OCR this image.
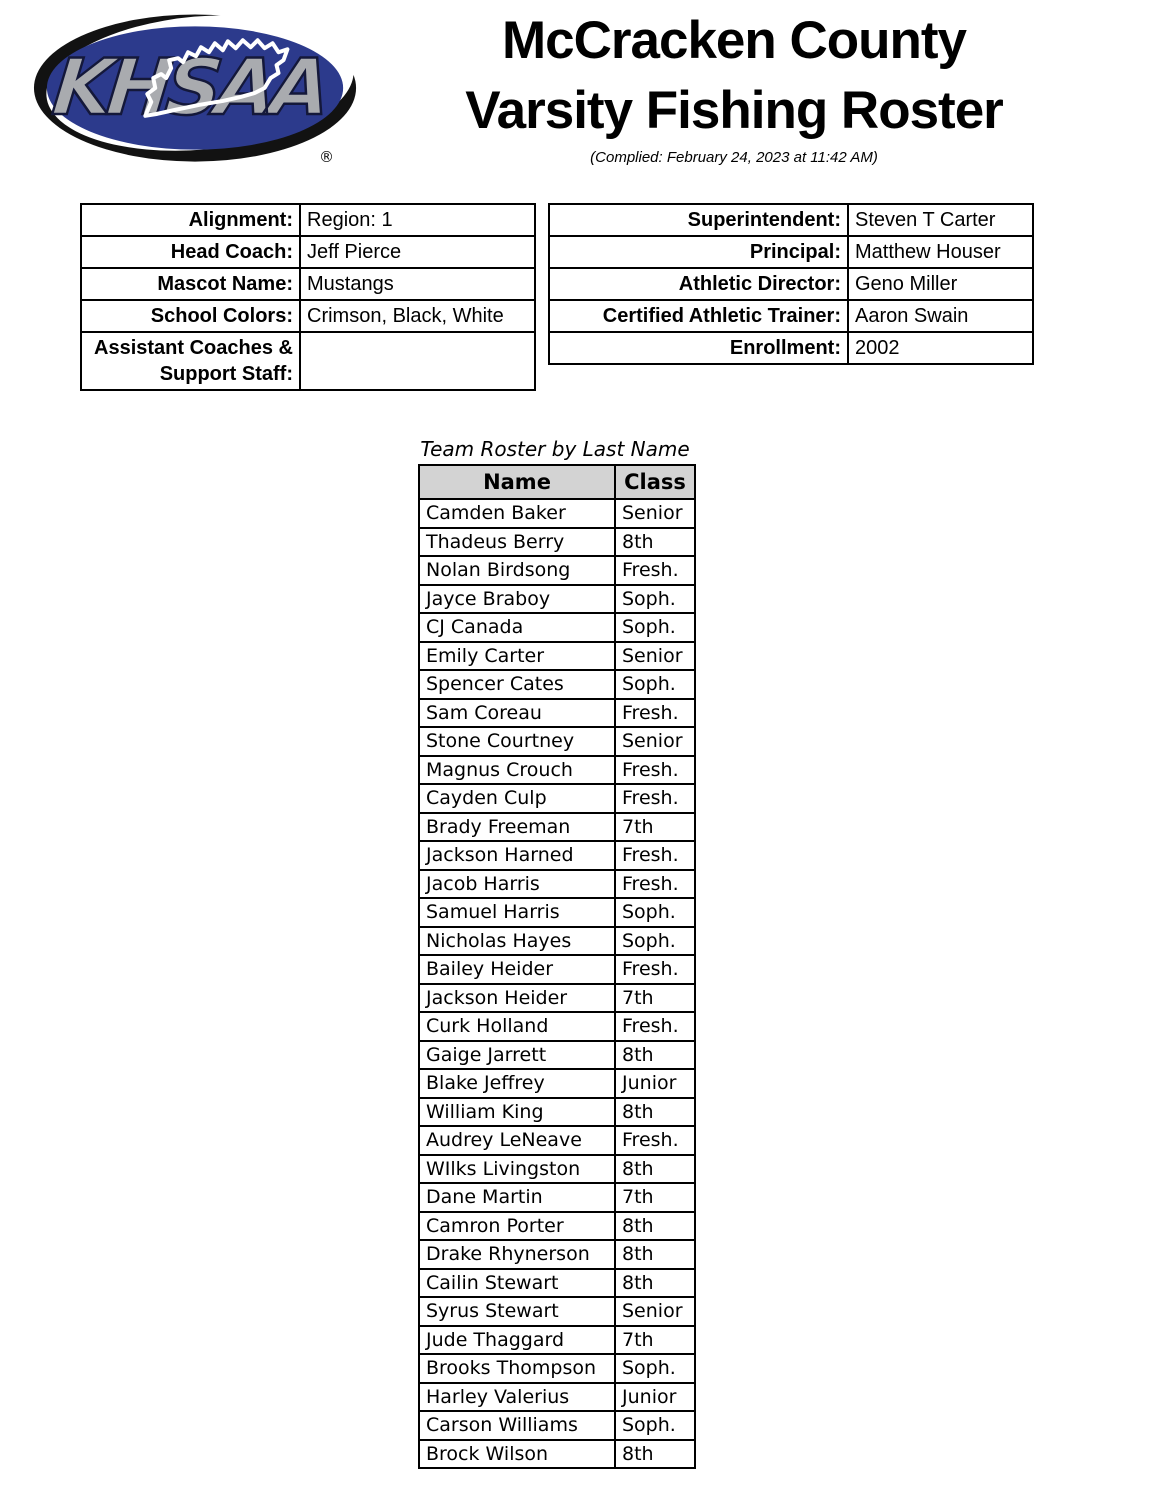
KHSAA
®
McCracken County
Varsity Fishing Roster
(Complied: February 24, 2023 at 11:42 AM)
Alignment:	Region: 1
Head Coach:	Jeff Pierce
Mascot Name:	Mustangs
School Colors:	Crimson, Black, White
Assistant Coaches & Support Staff:	
Superintendent:	Steven T Carter
Principal:	Matthew Houser
Athletic Director:	Geno Miller
Certified Athletic Trainer:	Aaron Swain
Enrollment:	2002
Team Roster by Last Name
Name	Class
Camden Baker	Senior
Thadeus Berry	8th
Nolan Birdsong	Fresh.
Jayce Braboy	Soph.
CJ Canada	Soph.
Emily Carter	Senior
Spencer Cates	Soph.
Sam Coreau	Fresh.
Stone Courtney	Senior
Magnus Crouch	Fresh.
Cayden Culp	Fresh.
Brady Freeman	7th
Jackson Harned	Fresh.
Jacob Harris	Fresh.
Samuel Harris	Soph.
Nicholas Hayes	Soph.
Bailey Heider	Fresh.
Jackson Heider	7th
Curk Holland	Fresh.
Gaige Jarrett	8th
Blake Jeffrey	Junior
William King	8th
Audrey LeNeave	Fresh.
WIlks Livingston	8th
Dane Martin	7th
Camron Porter	8th
Drake Rhynerson	8th
Cailin Stewart	8th
Syrus Stewart	Senior
Jude Thaggard	7th
Brooks Thompson	Soph.
Harley Valerius	Junior
Carson Williams	Soph.
Brock Wilson	8th
